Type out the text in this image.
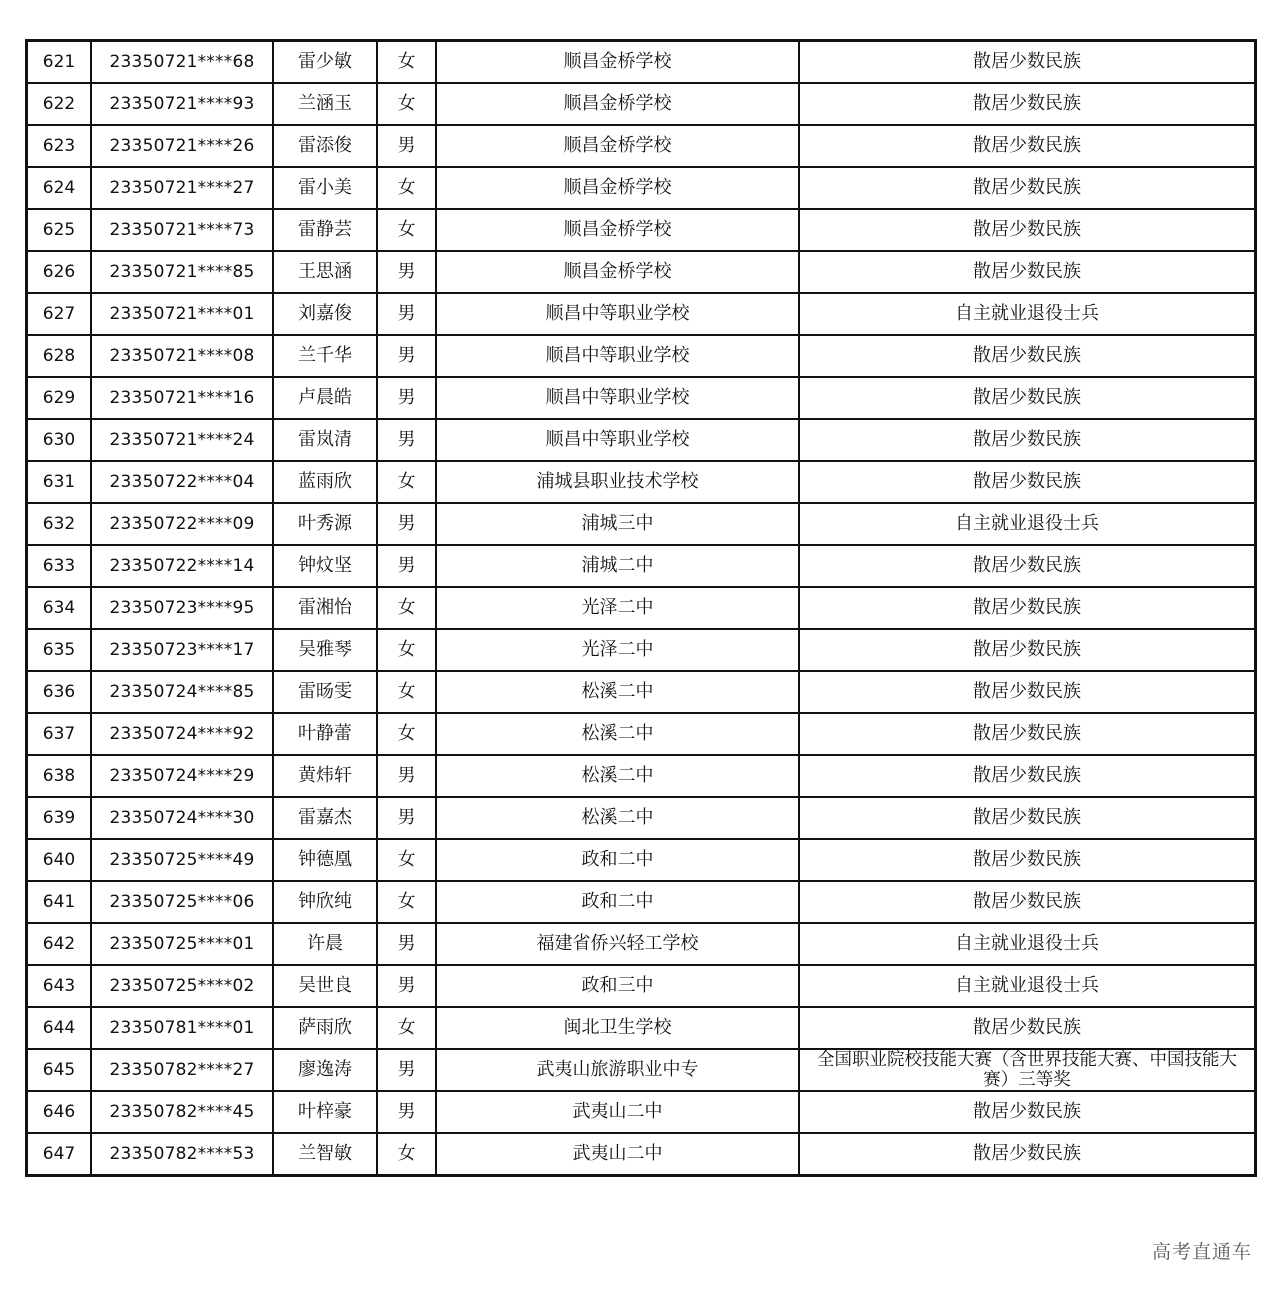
621	23350721****68	雷少敏	女	顺昌金桥学校	散居少数民族
622	23350721****93	兰涵玉	女	顺昌金桥学校	散居少数民族
623	23350721****26	雷添俊	男	顺昌金桥学校	散居少数民族
624	23350721****27	雷小美	女	顺昌金桥学校	散居少数民族
625	23350721****73	雷静芸	女	顺昌金桥学校	散居少数民族
626	23350721****85	王思涵	男	顺昌金桥学校	散居少数民族
627	23350721****01	刘嘉俊	男	顺昌中等职业学校	自主就业退役士兵
628	23350721****08	兰千华	男	顺昌中等职业学校	散居少数民族
629	23350721****16	卢晨皓	男	顺昌中等职业学校	散居少数民族
630	23350721****24	雷岚清	男	顺昌中等职业学校	散居少数民族
631	23350722****04	蓝雨欣	女	浦城县职业技术学校	散居少数民族
632	23350722****09	叶秀源	男	浦城三中	自主就业退役士兵
633	23350722****14	钟炆坚	男	浦城二中	散居少数民族
634	23350723****95	雷湘怡	女	光泽二中	散居少数民族
635	23350723****17	吴雅琴	女	光泽二中	散居少数民族
636	23350724****85	雷旸雯	女	松溪二中	散居少数民族
637	23350724****92	叶静蕾	女	松溪二中	散居少数民族
638	23350724****29	黄炜轩	男	松溪二中	散居少数民族
639	23350724****30	雷嘉杰	男	松溪二中	散居少数民族
640	23350725****49	钟德凰	女	政和二中	散居少数民族
641	23350725****06	钟欣纯	女	政和二中	散居少数民族
642	23350725****01	许晨	男	福建省侨兴轻工学校	自主就业退役士兵
643	23350725****02	吴世良	男	政和三中	自主就业退役士兵
644	23350781****01	萨雨欣	女	闽北卫生学校	散居少数民族
645	23350782****27	廖逸涛	男	武夷山旅游职业中专	全国职业院校技能大赛（含世界技能大赛、中国技能大赛）三等奖
646	23350782****45	叶梓豪	男	武夷山二中	散居少数民族
647	23350782****53	兰智敏	女	武夷山二中	散居少数民族
高考直通车
